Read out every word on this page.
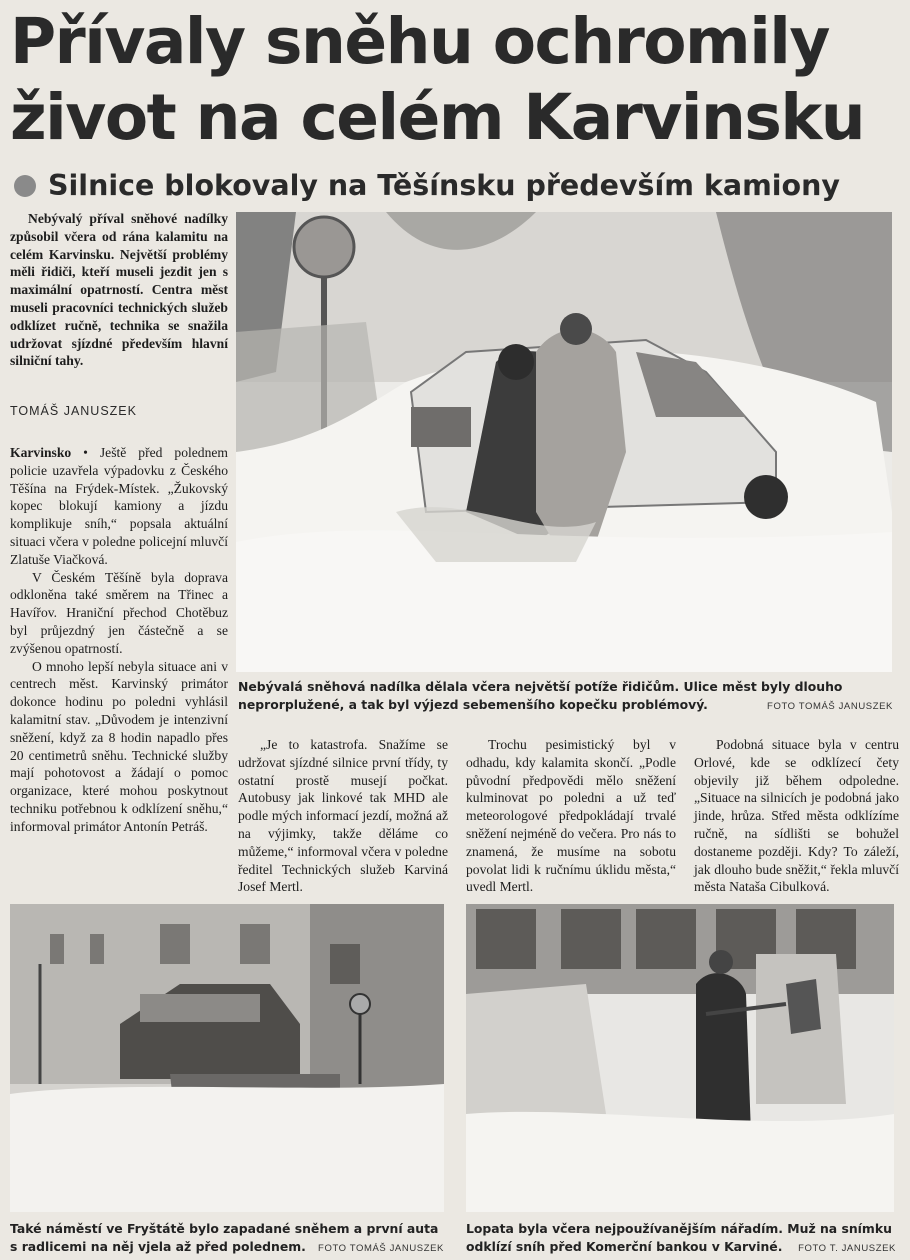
Přívaly sněhu ochromily
život na celém Karvinsku
Silnice blokovaly na Těšínsku především kamiony

Nebývalý příval sněhové nadílky způsobil včera od rána kalamitu na celém Karvinsku. Největší problémy měli řidiči, kteří museli jezdit jen s maximální opatrností. Centra měst museli pracovníci technických služeb odklízet ručně, technika se snažila udržovat sjízdné především hlavní silniční tahy.

TOMÁŠ JANUSZEK

Karvinsko • Ještě před polednem policie uzavřela výpadovku z Českého Těšína na Frýdek-Místek. „Žukovský kopec blokují kamiony a jízdu komplikuje sníh,“ popsala aktuální situaci včera v poledne policejní mluvčí Zlatuše Viačková.

V Českém Těšíně byla doprava odkloněna také směrem na Třinec a Havířov. Hraniční přechod Chotěbuz byl průjezdný jen částečně a se zvýšenou opatrností.

O mnoho lepší nebyla situace ani v centrech měst. Karvinský primátor dokonce hodinu po poledni vyhlásil kalamitní stav. „Důvodem je intenzivní sněžení, když za 8 hodin napadlo přes 20 centimetrů sněhu. Technické služby mají pohotovost a žádají o pomoc organizace, které mohou poskytnout techniku potřebnou k odklízení sněhu,“ informoval primátor Antonín Petráš.

„Je to katastrofa. Snažíme se udržovat sjízdné silnice první třídy, ty ostatní prostě musejí počkat. Autobusy jak linkové tak MHD ale podle mých informací jezdí, možná až na výjimky, takže děláme co můžeme,“ informoval včera v poledne ředitel Technických služeb Karviná Josef Mertl.

Trochu pesimistický byl v odhadu, kdy kalamita skončí. „Podle původní předpovědi mělo sněžení kulminovat po poledni a už teď meteorologové předpokládají trvalé sněžení nejméně do večera. Pro nás to znamená, že musíme na sobotu povolat lidi k ručnímu úklidu města,“ uvedl Mertl.

Podobná situace byla v centru Orlové, kde se odklízecí čety objevily již během odpoledne. „Situace na silnicích je podobná jako jinde, hrůza. Střed města odklízíme ručně, na sídlišti se bohužel dostaneme později. Kdy? To záleží, jak dlouho bude sněžit,“ řekla mluvčí města Nataša Cibulková.

Nebývalá sněhová nadílka dělala včera největší potíže řidičům. Ulice měst byly dlouho neprorplužené, a tak byl výjezd sebemenšího kopečku problémový.	FOTO TOMÁŠ JANUSZEK
Také náměstí ve Fryštátě bylo zapadané sněhem a první auta s radlicemi na něj vjela až před polednem. FOTO TOMÁŠ JANUSZEK
Lopata byla včera nejpoužívanějším nářadím. Muž na snímku odklízí sníh před Komerční bankou v Karviné. FOTO T. JANUSZEK
